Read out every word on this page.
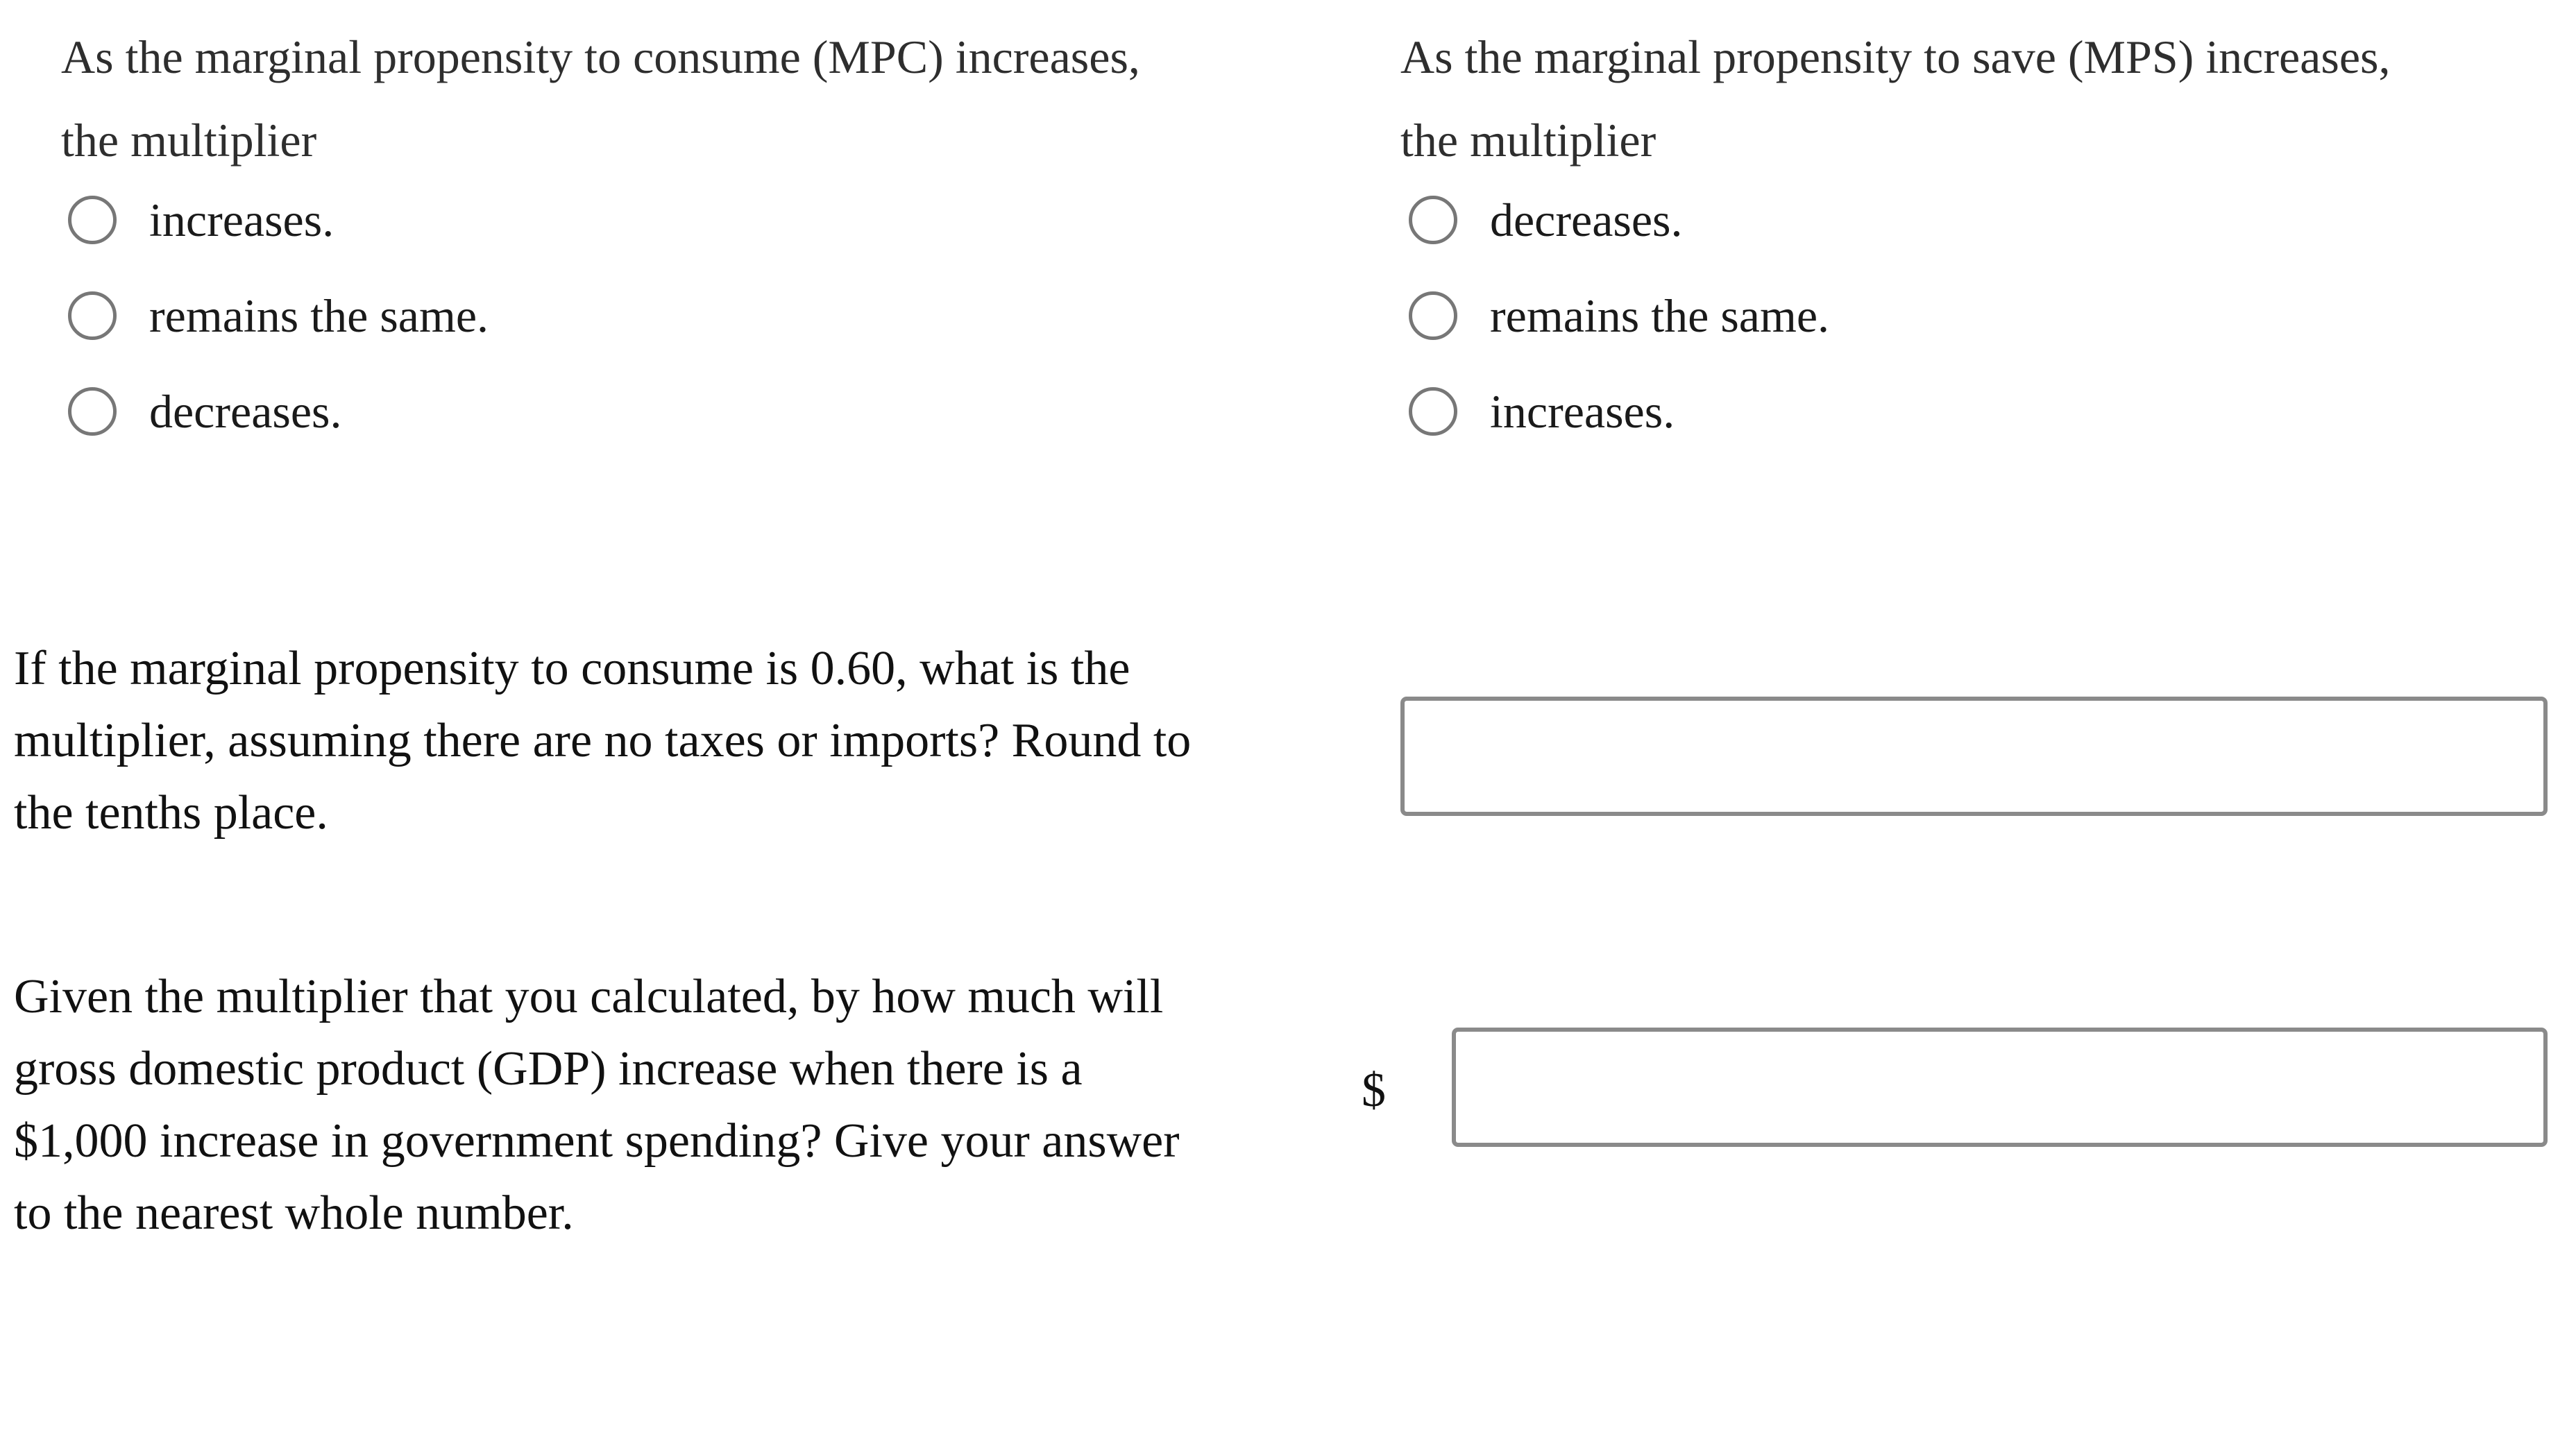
As the marginal propensity to consume (MPC) increases,
the multiplier
increases.
remains the same.
decreases.
As the marginal propensity to save (MPS) increases,
the multiplier
decreases.
remains the same.
increases.
If the marginal propensity to consume is 0.60, what is the
multiplier, assuming there are no taxes or imports? Round to
the tenths place.
Given the multiplier that you calculated, by how much will
gross domestic product (GDP) increase when there is a
$1,000 increase in government spending? Give your answer
to the nearest whole number.
$
